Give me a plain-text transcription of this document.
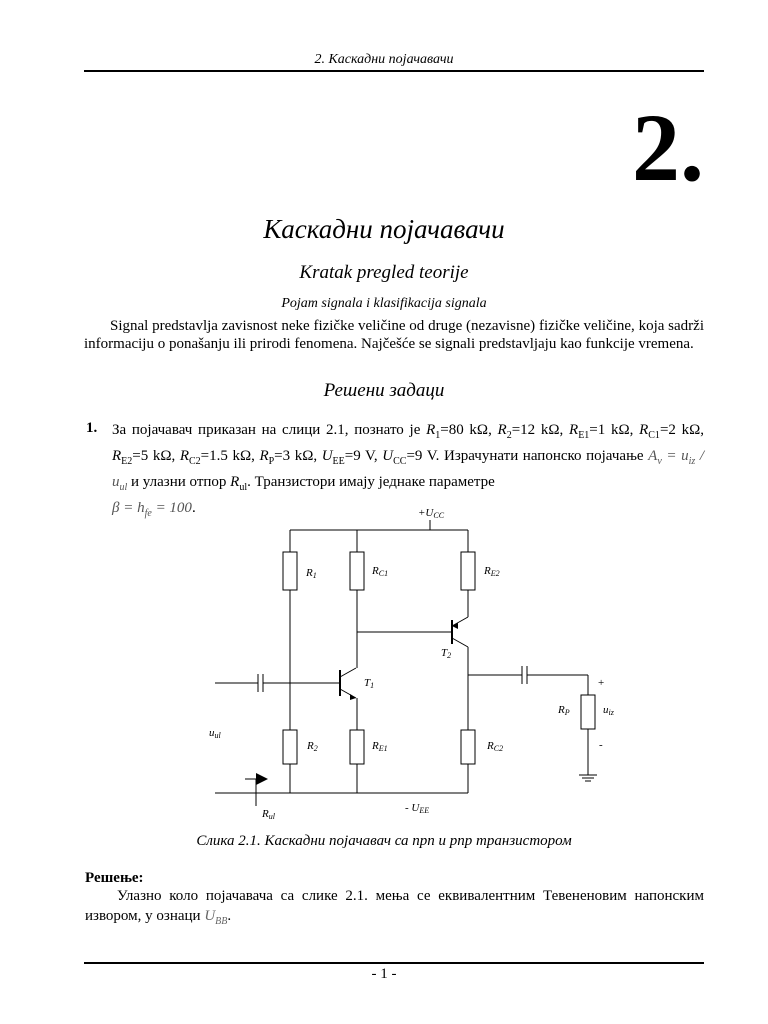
2. Каскадни појачавачи
2.
Каскадни појачавачи
Kratak pregled teorije
Pojam signala i klasifikacija signala
Signal predstavlja zavisnost neke fizičke veličine od druge (nezavisne) fizičke veličine, koja sadrži informaciju o ponašanju ili prirodi fenomena. Najčešće se signali predstavljaju kao funkcije vremena.
Решени задаци
1. За појачавач приказан на слици 2.1, познато је $R_1=80$ kΩ, $R_2=12$ kΩ, $R_{E1}=1$ kΩ, $R_{C1}=2$ kΩ, $R_{E2}=5$ kΩ, $R_{C2}=1.5$ kΩ, $R_P=3$ kΩ, $U_{EE}=9$ V, $U_{CC}=9$ V. Израчунати напонско појачање $A_v = u_{iz} / u_{ul}$ и улазни отпор $R_{ul}$. Транзистори имају једнаке параметре
$\beta = h_{fe} = 100$.	+UCC
R1	RC1	RE2
T2
T1	+
RP	uiz
-
uul
R2	RE1	RC2
- UEE
Rul
Слика 2.1. Каскадни појачавач са npn и pnp транзистором
Решење:
Улазно коло појачавача са слике 2.1. мења се еквивалентним Тевененовим напонским извором, у ознаци $U_{BB}$.
- 1 -
